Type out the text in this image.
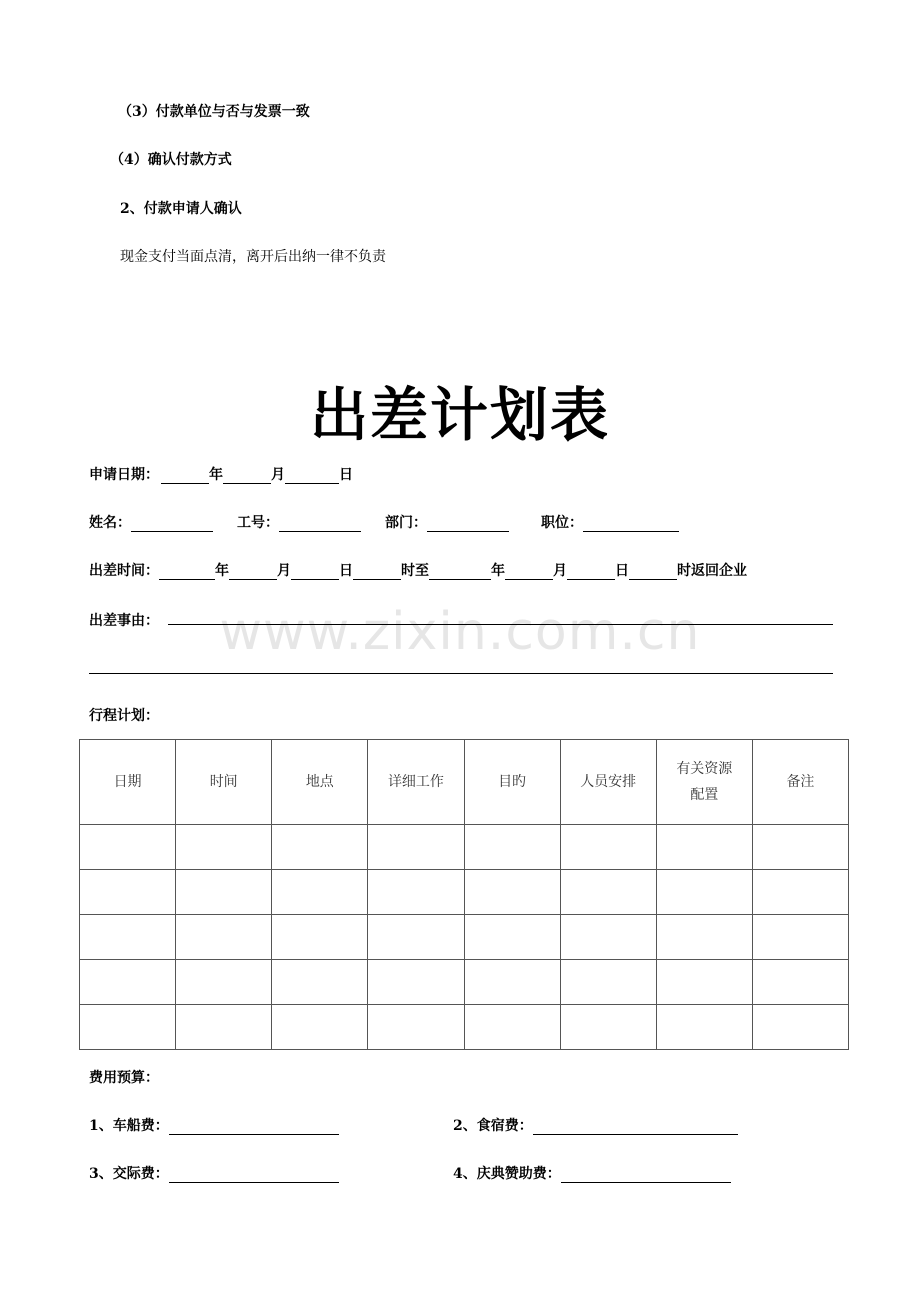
（3）付款单位与否与发票一致
（4）确认付款方式
2、付款申请人确认
现金支付当面点清，离开后出纳一律不负责
出差计划表
www.zixin.com.cn
申请日期：	年	月	日
姓名：	工号：	部门：	职位：
出差时间：	年	月	日	时至	年	月	日	时返回企业
出差事由：
行程计划：
日期	时间	地点	详细工作	目旳	人员安排	有关资源配置	备注

费用预算：
1、车船费：	2、食宿费：
3、交际费：	4、庆典赞助费：
